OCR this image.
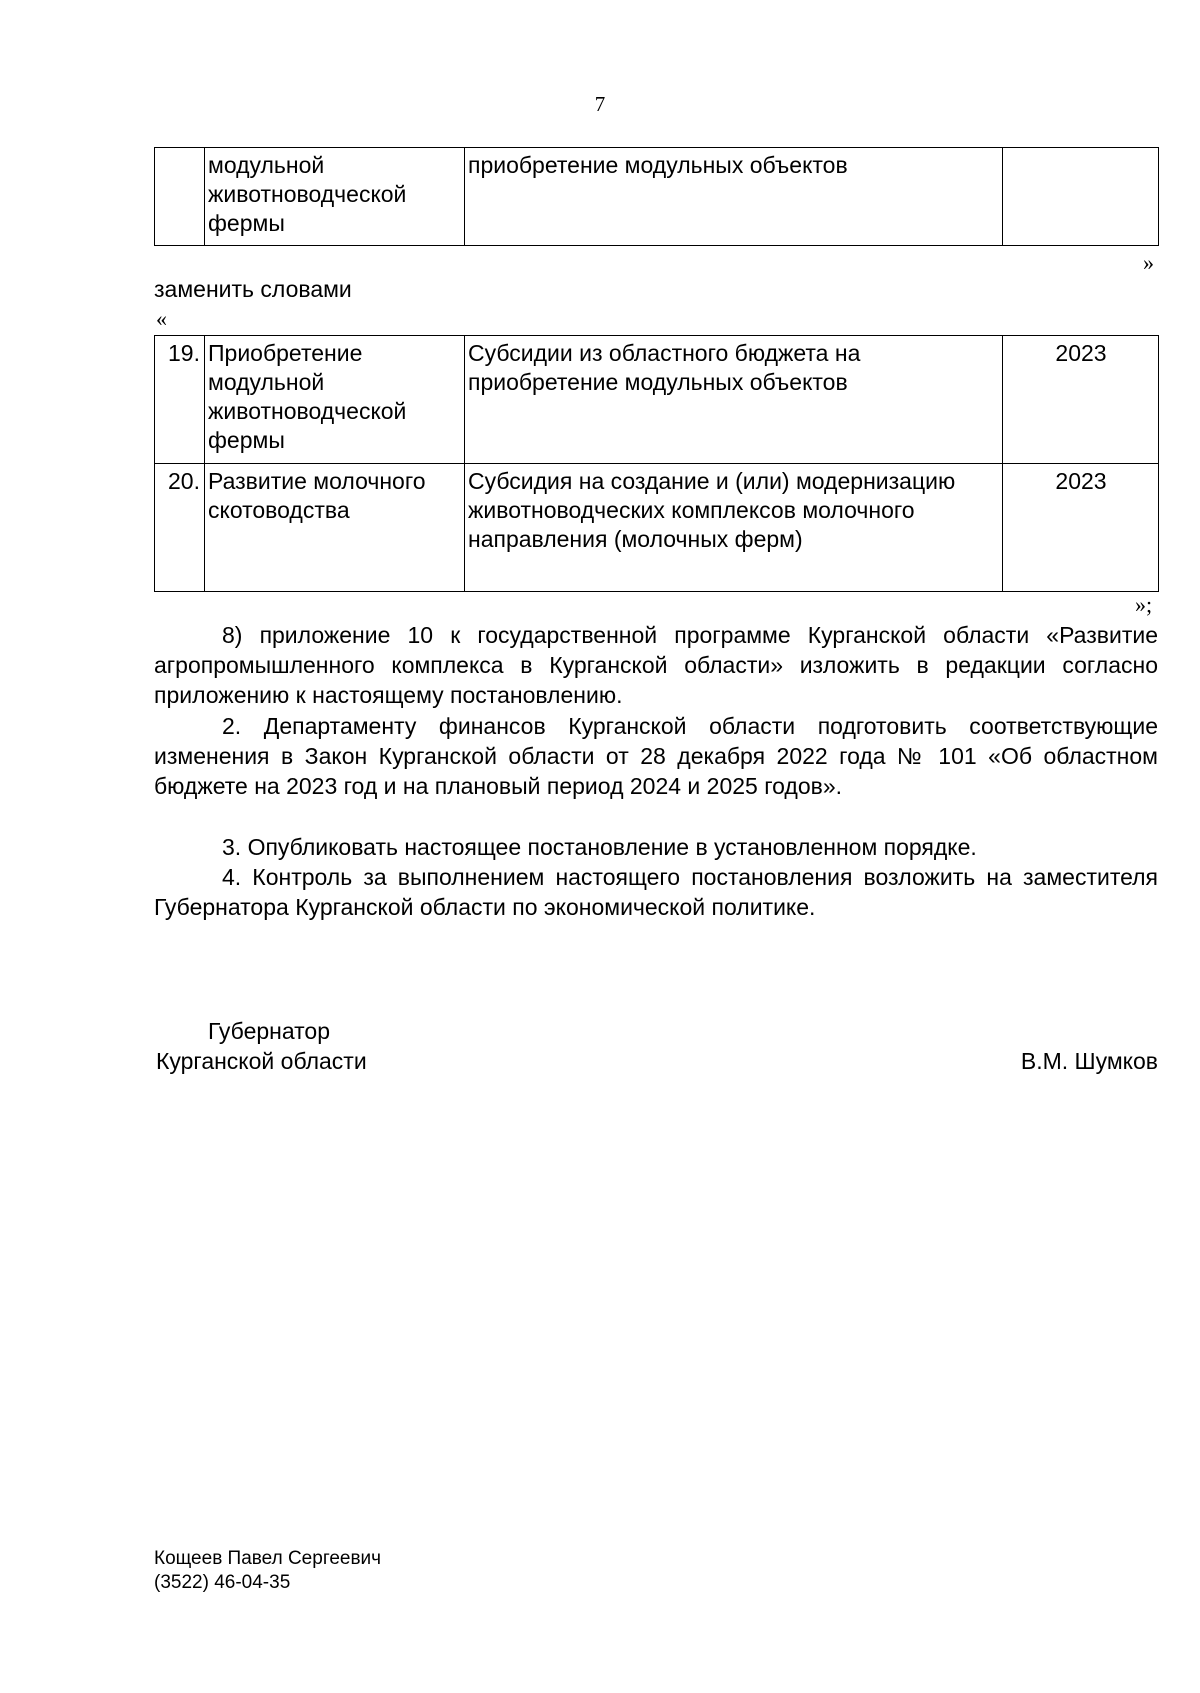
7
	модульной животноводческой фермы	приобретение модульных объектов	
»
заменить словами
«
19.	Приобретение модульной животноводческой фермы	Субсидии из областного бюджета на приобретение модульных объектов	2023
20.	Развитие молочного скотоводства	Субсидия на создание и (или) модернизацию животноводческих комплексов молочного направления (молочных ферм)	2023
»;

8) приложение 10 к государственной программе Курганской области «Развитие агропромышленного комплекса в Курганской области» изложить в редакции согласно приложению к настоящему постановлению.

2. Департаменту финансов Курганской области подготовить соответствующие изменения в Закон Курганской области от 28 декабря 2022 года № 101 «Об областном бюджете на 2023 год и на плановый период 2024 и 2025 годов».

3. Опубликовать настоящее постановление в установленном порядке.

4. Контроль за выполнением настоящего постановления возложить на заместителя Губернатора Курганской области по экономической политике.

Губернатор
Курганской области	В.М. Шумков
Кощеев Павел Сергеевич
(3522) 46-04-35
